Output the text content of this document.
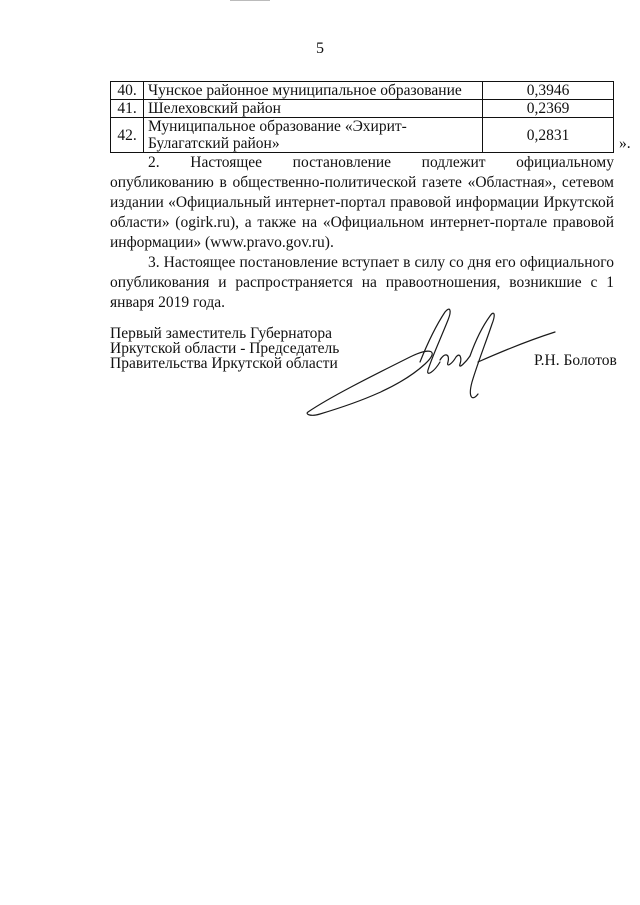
5
40.	Чунское районное муниципальное образование	0,3946
41.	Шелеховский район	0,2369
42.	Муниципальное образование «Эхирит-Булагатский район»	0,2831	».

2. Настоящее постановление подлежит официальному опубликованию в общественно-политической газете «Областная», сетевом издании «Официальный интернет-портал правовой информации Иркутской области» (ogirk.ru), а также на «Официальном интернет-портале правовой информации» (www.pravo.gov.ru).

3. Настоящее постановление вступает в силу со дня его официального опубликования и распространяется на правоотношения, возникшие с 1 января 2019 года.

Первый заместитель Губернатора
Иркутской области - Председатель
Правительства Иркутской области	Р.Н. Болотов
